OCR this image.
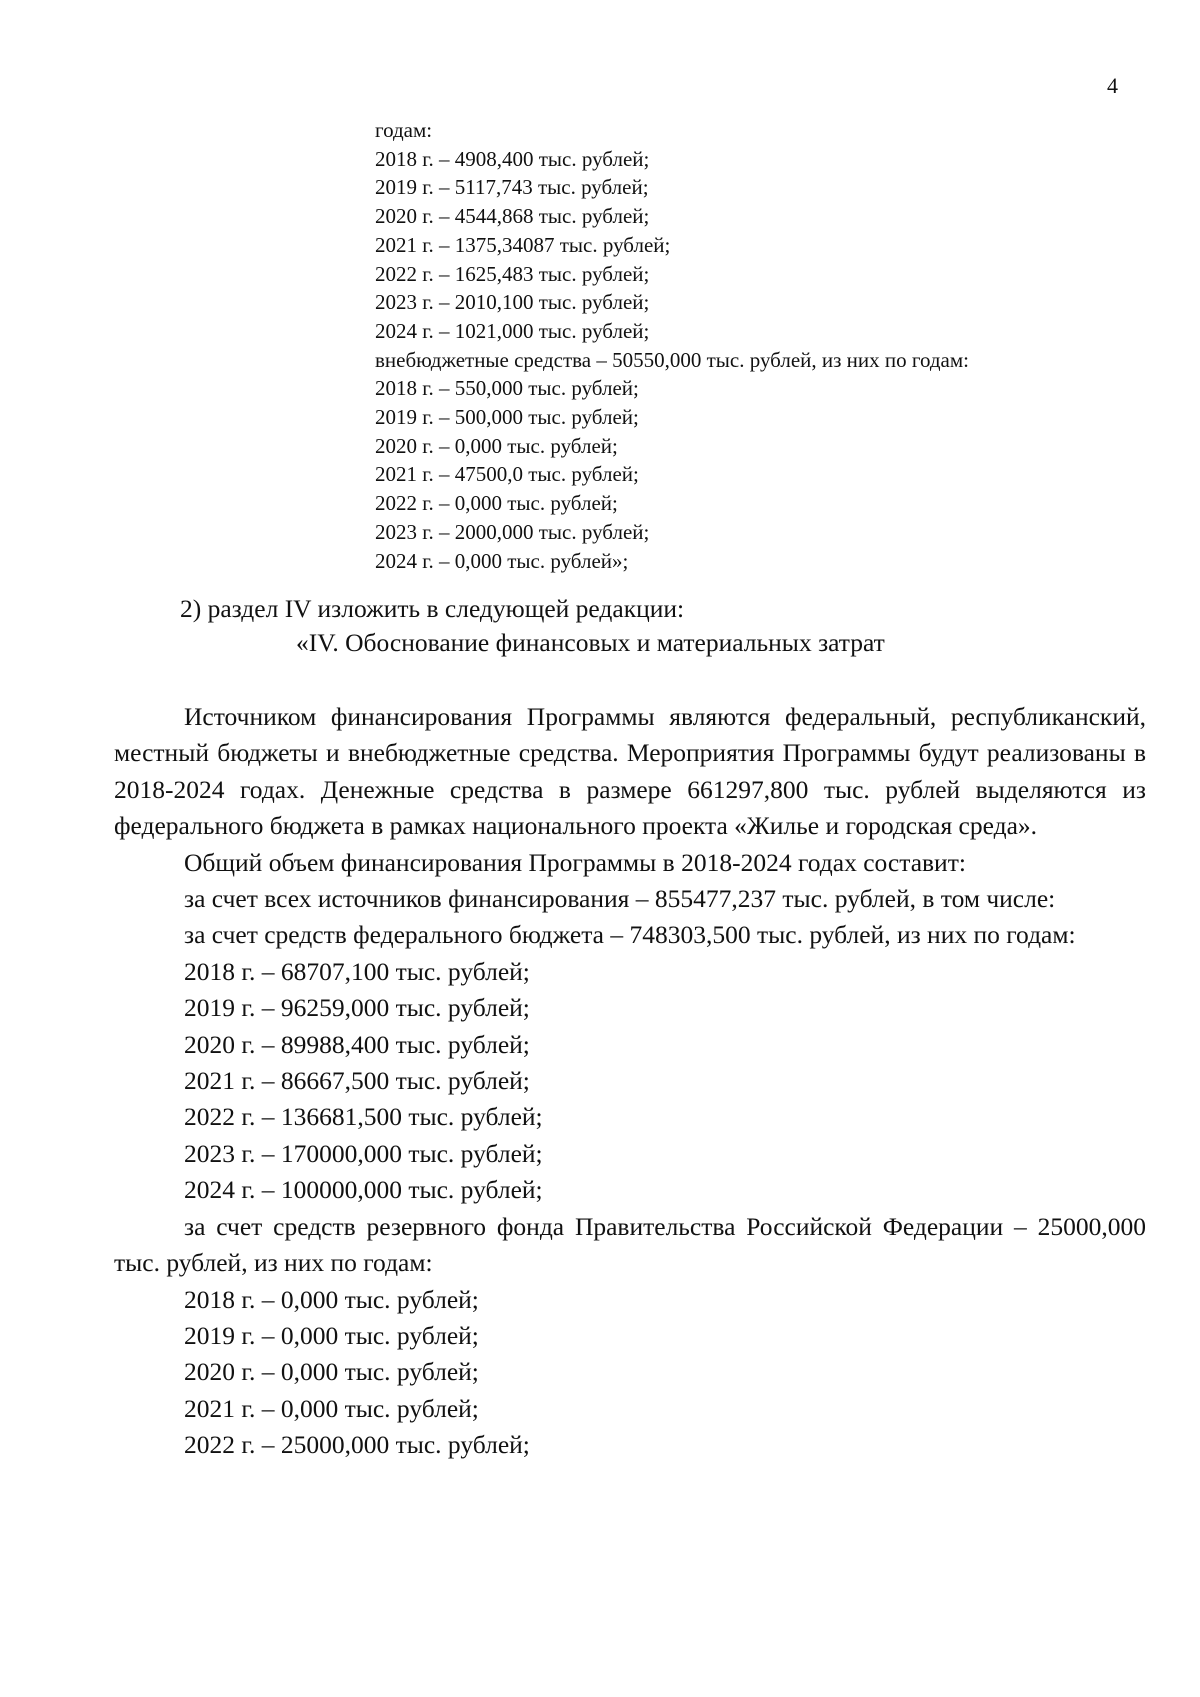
4
годам:
2018 г. – 4908,400 тыс. рублей;
2019 г. – 5117,743 тыс. рублей;
2020 г. – 4544,868 тыс. рублей;
2021 г. – 1375,34087 тыс. рублей;
2022 г. – 1625,483 тыс. рублей;
2023 г. – 2010,100 тыс. рублей;
2024 г. – 1021,000 тыс. рублей;
внебюджетные средства – 50550,000 тыс. рублей, из них по годам:
2018 г. – 550,000 тыс. рублей;
2019 г. – 500,000 тыс. рублей;
2020 г. – 0,000 тыс. рублей;
2021 г. – 47500,0 тыс. рублей;
2022 г. – 0,000 тыс. рублей;
2023 г. – 2000,000 тыс. рублей;
2024 г. – 0,000 тыс. рублей»;
2) раздел IV изложить в следующей редакции:
«IV. Обоснование финансовых и материальных затрат

Источником финансирования Программы являются федеральный, республиканский, местный бюджеты и внебюджетные средства. Мероприятия Программы будут реализованы в 2018-2024 годах. Денежные средства в размере 661297,800 тыс. рублей выделяются из федерального бюджета в рамках национального проекта «Жилье и городская среда».

Общий объем финансирования Программы в 2018-2024 годах составит:

за счет всех источников финансирования – 855477,237 тыс. рублей, в том числе:

за счет средств федерального бюджета – 748303,500 тыс. рублей, из них по годам:

2018 г. – 68707,100 тыс. рублей;
2019 г. – 96259,000 тыс. рублей;
2020 г. – 89988,400 тыс. рублей;
2021 г. – 86667,500 тыс. рублей;
2022 г. – 136681,500 тыс. рублей;
2023 г. – 170000,000 тыс. рублей;
2024 г. – 100000,000 тыс. рублей;

за счет средств резервного фонда Правительства Российской Федерации – 25000,000 тыс. рублей, из них по годам:

2018 г. – 0,000 тыс. рублей;
2019 г. – 0,000 тыс. рублей;
2020 г. – 0,000 тыс. рублей;
2021 г. – 0,000 тыс. рублей;
2022 г. – 25000,000 тыс. рублей;
